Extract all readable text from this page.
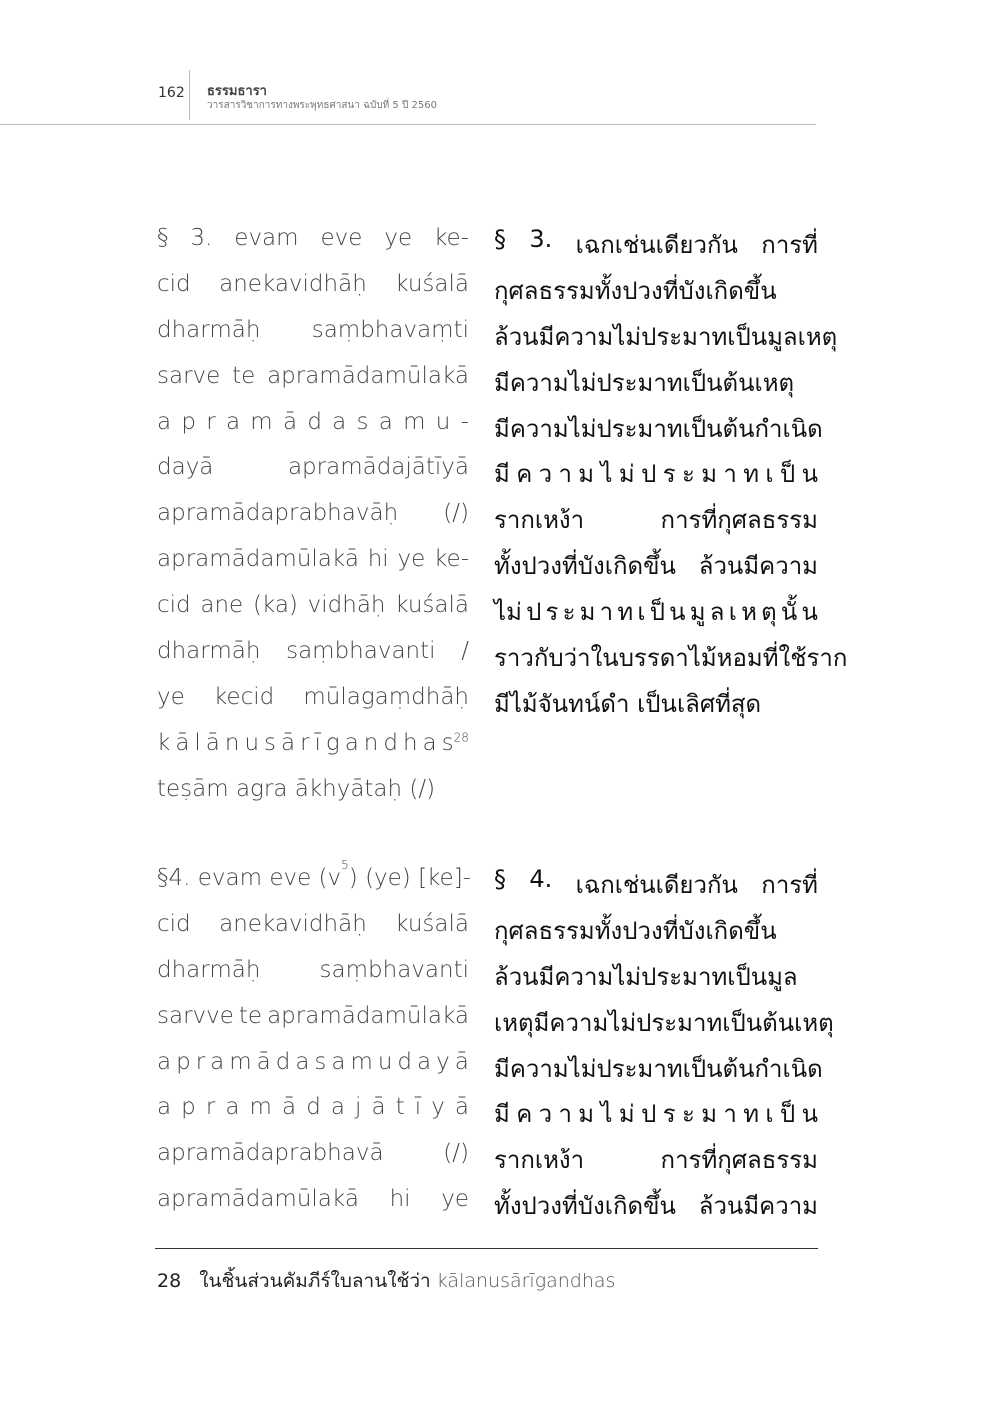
162 ธรรมธารา
วารสารวิชาการทางพระพุทธศาสนา ฉบับที่ 5 ปี 2560
§ 3. evam eve ye ke-
cid anekavidhāḥ kuśalā
dharmāḥ saṃbhavaṃti
sarve te apramādamūlakā
a p r a m ā d a s a m u -
dayā	apramādajātīyā
apramādaprabhavāḥ (/)
apramādamūlakā hi ye ke-
cid ane (ka) vidhāḥ kuśalā
dharmāḥ saṃbhavanti /
ye kecid mūlagaṃdhāḥ
k ā l ā n u s ā r ī g a n d h a $s^{28}$
teṣām agra ākhyātaḥ (/)
§ 3. เฉกเช่นเดียวกัน การที่
กุศลธรรมทั้งปวงที่บังเกิดขึ้น
ล้วนมีความไม่ประมาทเป็นมูลเหตุ
มีความไม่ประมาทเป็นต้นเหตุ
มีความไม่ประมาทเป็นต้นกำเนิด
มี ค ว า ม ไ ม่ ป ร ะ ม า ท เ ป็ น
รากเหง้า	การที่กุศลธรรม
ทั้งปวงที่บังเกิดขึ้น ล้วนมีความ
ไม่ ป ร ะ ม า ท เ ป็ น มู ล เ ห ตุ นั้ น
ราวกับว่า ในบรรดาไม้หอมที่ใช้ราก
มีไม้จันทน์ดำ เป็นเลิศที่สุด
§4. evam eve (v 5 ) (ye) [ke]-
cid anekavidhāḥ kuśalā
dharmāḥ	saṃbhavanti
sarvve te apramādamūlakā
a p r a m ā d a s a m u d a y ā
a p r a m ā d a j ā t ī y ā
apramādaprabhavā	(/)
apramādamūlakā hi ye
§ 4. เฉกเช่นเดียวกัน การที่
กุศลธรรมทั้งปวงที่บังเกิดขึ้น
ล้วนมีความไม่ประมาทเป็นมูล
เหตุ มีความไม่ประมาทเป็นต้นเหตุ
มีความไม่ประมาทเป็นต้นกำเนิด
มี ค ว า ม ไ ม่ ป ร ะ ม า ท เ ป็ น
รากเหง้า	การที่กุศลธรรม
ทั้งปวงที่บังเกิดขึ้น ล้วนมีความ
28 ในชิ้นส่วนคัมภีร์ใบลานใช้ว่า kālanusārīgandhas
